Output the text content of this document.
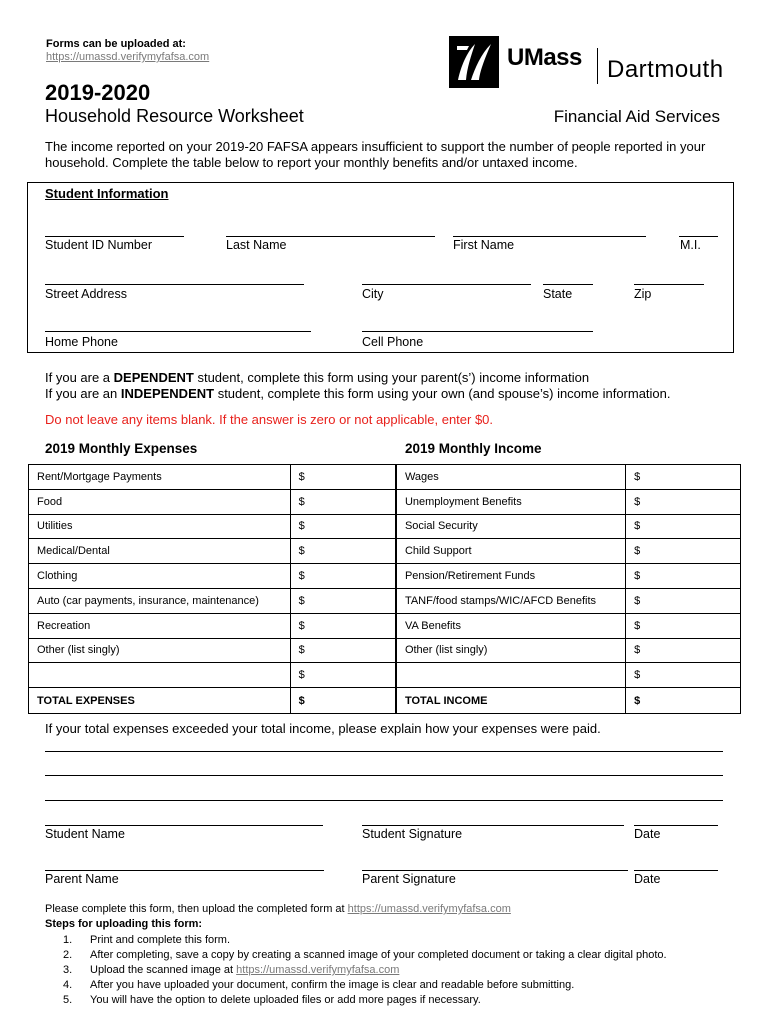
Forms can be uploaded at:
https://umassd.verifymyfafsa.com	UMass Dartmouth
2019-2020
Household Resource Worksheet	Financial Aid Services
The income reported on your 2019-20 FAFSA appears insufficient to support the number of people reported in your household. Complete the table below to report your monthly benefits and/or untaxed income.
Student Information
Student ID Number	Last Name	First Name	M.I.
Street Address	City	State	Zip
Home Phone	Cell Phone
If you are a DEPENDENT student, complete this form using your parent(s’) income information
If you are an INDEPENDENT student, complete this form using your own (and spouse’s) income information.
Do not leave any items blank. If the answer is zero or not applicable, enter $0.
2019 Monthly Expenses	2019 Monthly Income
Rent/Mortgage Payments	$	Wages	$
Food	$	Unemployment Benefits	$
Utilities	$	Social Security	$
Medical/Dental	$	Child Support	$
Clothing	$	Pension/Retirement Funds	$
Auto (car payments, insurance, maintenance)	$	TANF/food stamps/WIC/AFCD Benefits	$
Recreation	$	VA Benefits	$
Other (list singly)	$	Other (list singly)	$
	$		$
TOTAL EXPENSES	$	TOTAL INCOME	$
If your total expenses exceeded your total income, please explain how your expenses were paid.
Student Name	Student Signature	Date
Parent Name	Parent Signature	Date
Please complete this form, then upload the completed form at https://umassd.verifymyfafsa.com
Steps for uploading this form:
1. Print and complete this form.
2. After completing, save a copy by creating a scanned image of your completed document or taking a clear digital photo.
3. Upload the scanned image at https://umassd.verifymyfafsa.com
4. After you have uploaded your document, confirm the image is clear and readable before submitting.
5. You will have the option to delete uploaded files or add more pages if necessary.
